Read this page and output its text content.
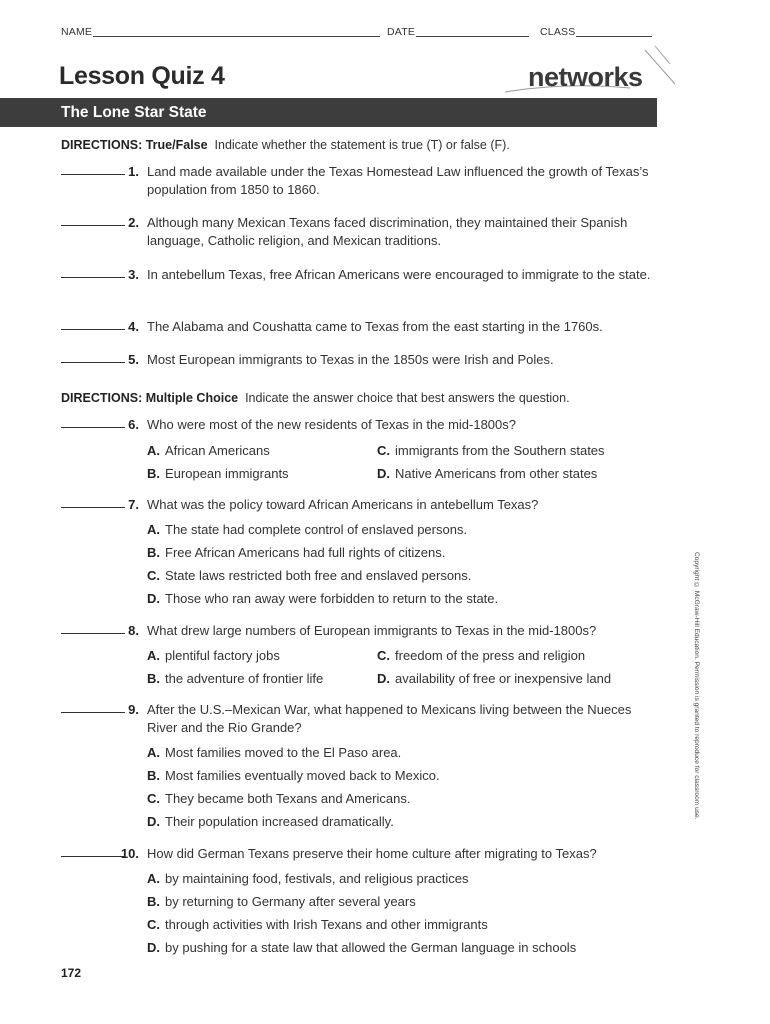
NAME	DATE	CLASS
Lesson Quiz 4	networks
The Lone Star State
DIRECTIONS: True/False Indicate whether the statement is true (T) or false (F).
1. Land made available under the Texas Homestead Law influenced the growth of Texas’s population from 1850 to 1860.
2. Although many Mexican Texans faced discrimination, they maintained their Spanish language, Catholic religion, and Mexican traditions.
3. In antebellum Texas, free African Americans were encouraged to immigrate to the state.
4. The Alabama and Coushatta came to Texas from the east starting in the 1760s.
5. Most European immigrants to Texas in the 1850s were Irish and Poles.
DIRECTIONS: Multiple Choice Indicate the answer choice that best answers the question.
6. Who were most of the new residents of Texas in the mid-1800s?
A. African Americans
B. European immigrants
C. immigrants from the Southern states
D. Native Americans from other states
7. What was the policy toward African Americans in antebellum Texas?
A. The state had complete control of enslaved persons.
B. Free African Americans had full rights of citizens.
C. State laws restricted both free and enslaved persons.
D. Those who ran away were forbidden to return to the state.
8. What drew large numbers of European immigrants to Texas in the mid-1800s?
A. plentiful factory jobs
B. the adventure of frontier life
C. freedom of the press and religion
D. availability of free or inexpensive land
9. After the U.S.–Mexican War, what happened to Mexicans living between the Nueces River and the Rio Grande?
A. Most families moved to the El Paso area.
B. Most families eventually moved back to Mexico.
C. They became both Texans and Americans.
D. Their population increased dramatically.
10. How did German Texans preserve their home culture after migrating to Texas?
A. by maintaining food, festivals, and religious practices
B. by returning to Germany after several years
C. through activities with Irish Texans and other immigrants
D. by pushing for a state law that allowed the German language in schools
Copyright © McGraw-Hill Education. Permission is granted to reproduce for classroom use.
172
